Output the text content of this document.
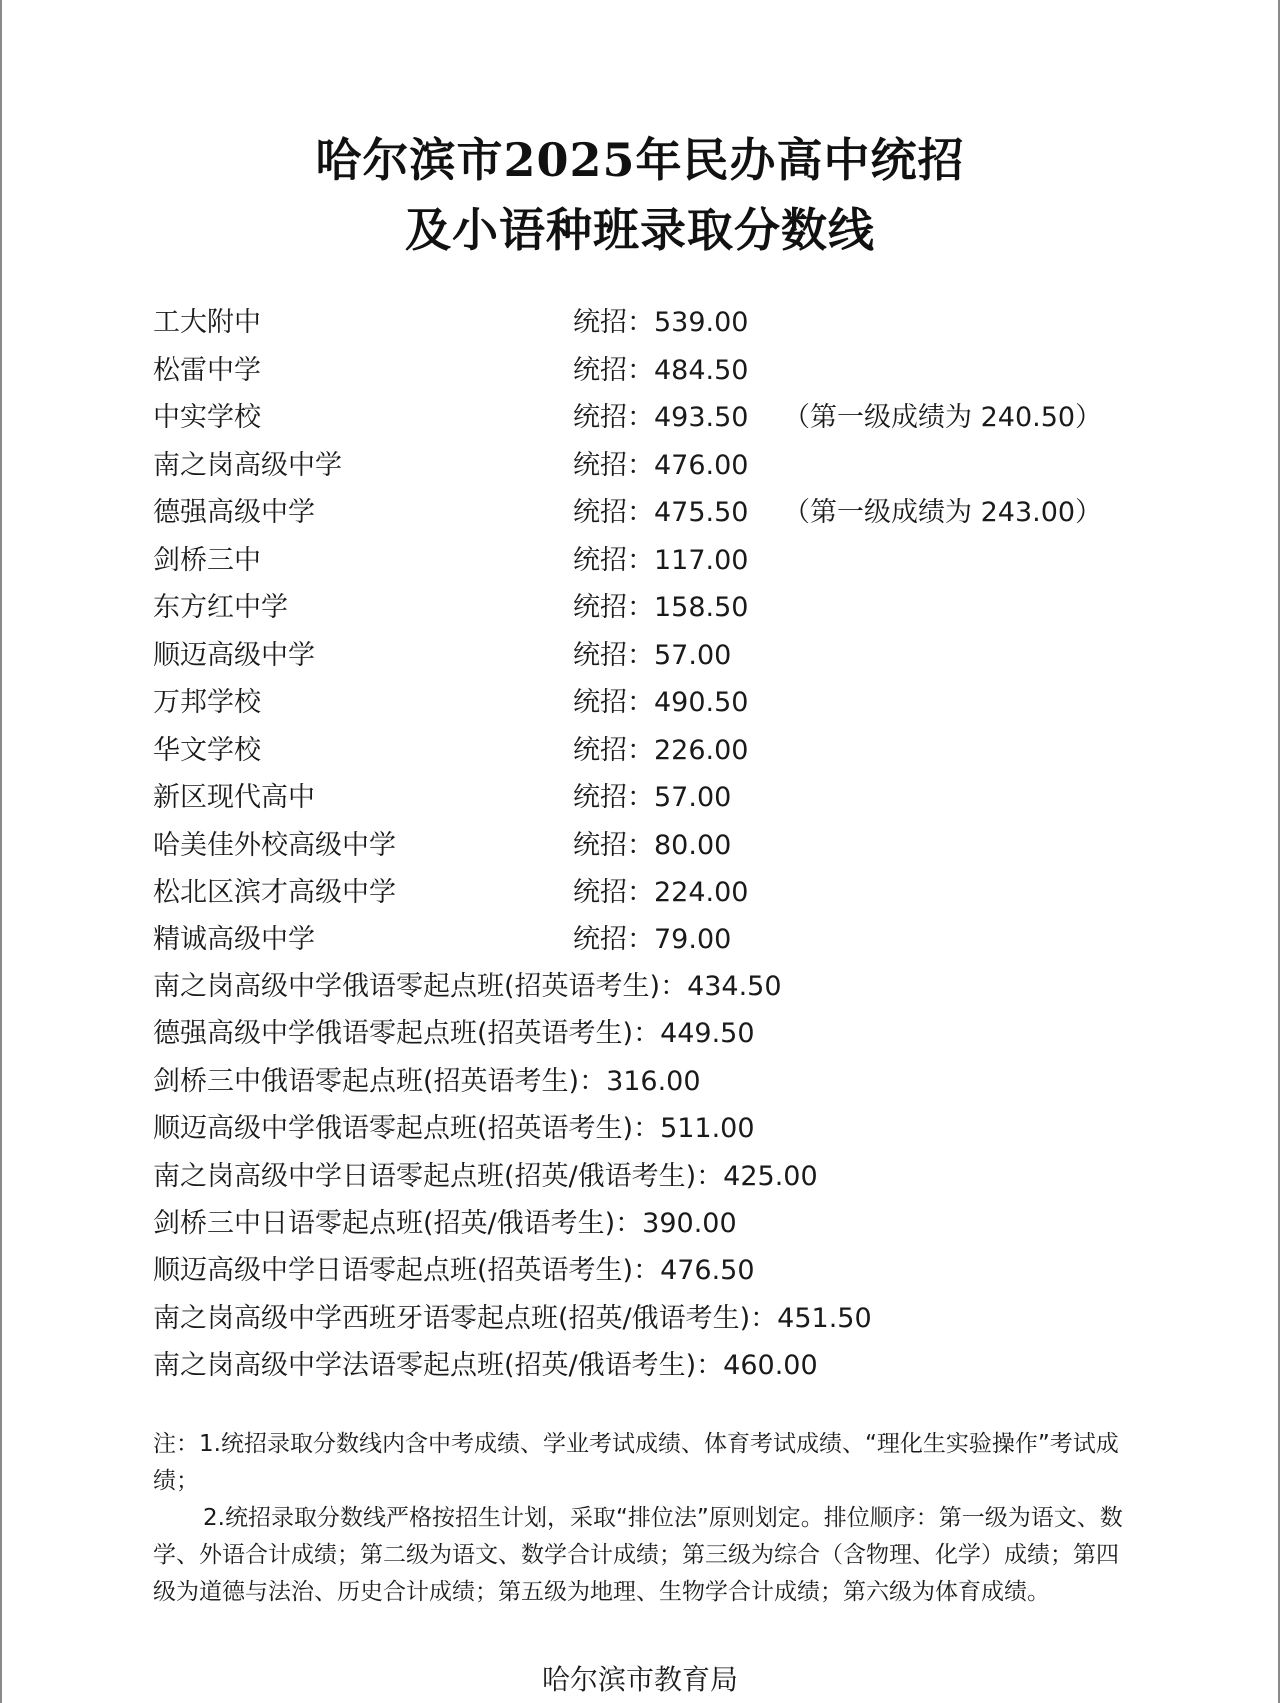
哈尔滨市2025年民办高中统招
及小语种班录取分数线
工大附中	统招：539.00
松雷中学	统招：484.50
中实学校	统招：493.50 （第一级成绩为 240.50）
南之岗高级中学	统招：476.00
德强高级中学	统招：475.50 （第一级成绩为 243.00）
剑桥三中	统招：117.00
东方红中学	统招：158.50
顺迈高级中学	统招：57.00
万邦学校	统招：490.50
华文学校	统招：226.00
新区现代高中	统招：57.00
哈美佳外校高级中学	统招：80.00
松北区滨才高级中学	统招：224.00
精诚高级中学	统招：79.00
南之岗高级中学俄语零起点班(招英语考生)：434.50
德强高级中学俄语零起点班(招英语考生)：449.50
剑桥三中俄语零起点班(招英语考生)：316.00
顺迈高级中学俄语零起点班(招英语考生)：511.00
南之岗高级中学日语零起点班(招英/俄语考生)：425.00
剑桥三中日语零起点班(招英/俄语考生)：390.00
顺迈高级中学日语零起点班(招英语考生)：476.50
南之岗高级中学西班牙语零起点班(招英/俄语考生)：451.50
南之岗高级中学法语零起点班(招英/俄语考生)：460.00

注：1.统招录取分数线内含中考成绩、学业考试成绩、体育考试成绩、“理化生实验操作”考试成绩；

2.统招录取分数线严格按招生计划，采取“排位法”原则划定。排位顺序：第一级为语文、数学、外语合计成绩；第二级为语文、数学合计成绩；第三级为综合（含物理、化学）成绩；第四级为道德与法治、历史合计成绩；第五级为地理、生物学合计成绩；第六级为体育成绩。

哈尔滨市教育局
